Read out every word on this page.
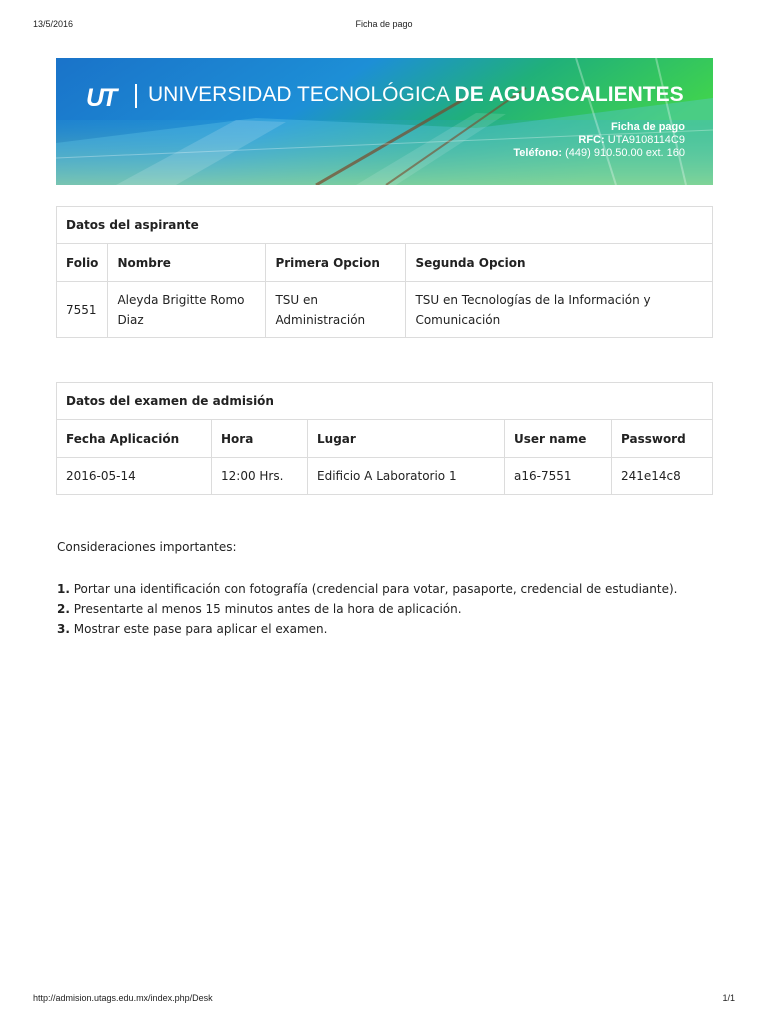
13/5/2016	Ficha de pago
UT UNIVERSIDAD TECNOLÓGICA DE AGUASCALIENTES
Ficha de pago
RFC: UTA9108114C9
Teléfono: (449) 910.50.00 ext. 160
Datos del aspirante			
Folio	Nombre	Primera Opcion	Segunda Opcion
7551	Aleyda Brigitte Romo Diaz	TSU en Administración	TSU en Tecnologías de la Información y Comunicación
Datos del examen de admisión				
Fecha Aplicación	Hora	Lugar	User name	Password
2016-05-14	12:00 Hrs.	Edificio A Laboratorio 1	a16-7551	241e14c8
Consideraciones importantes:
1. Portar una identificación con fotografía (credencial para votar, pasaporte, credencial de estudiante).
2. Presentarte al menos 15 minutos antes de la hora de aplicación.
3. Mostrar este pase para aplicar el examen.
http://admision.utags.edu.mx/index.php/Desk	1/1
